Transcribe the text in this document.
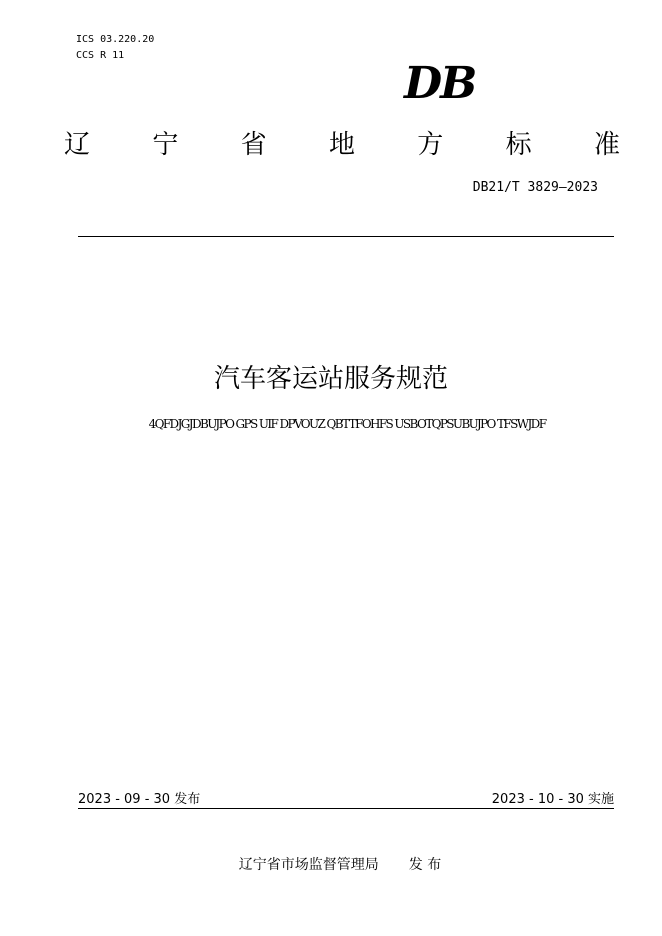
ICS 03.220.20
CCS R 11
DB
辽 宁 省 地 方 标 准
DB21/T 3829—2023
汽车客运站服务规范
4QFDJGJDBUJPO GPS UIF DPVOUZ QBTTFOHFS USBOTQPSUBUJPO TFSWJDF
2023 - 09 - 30 发布	2023 - 10 - 30 实施
辽宁省市场监督管理局 发 布
